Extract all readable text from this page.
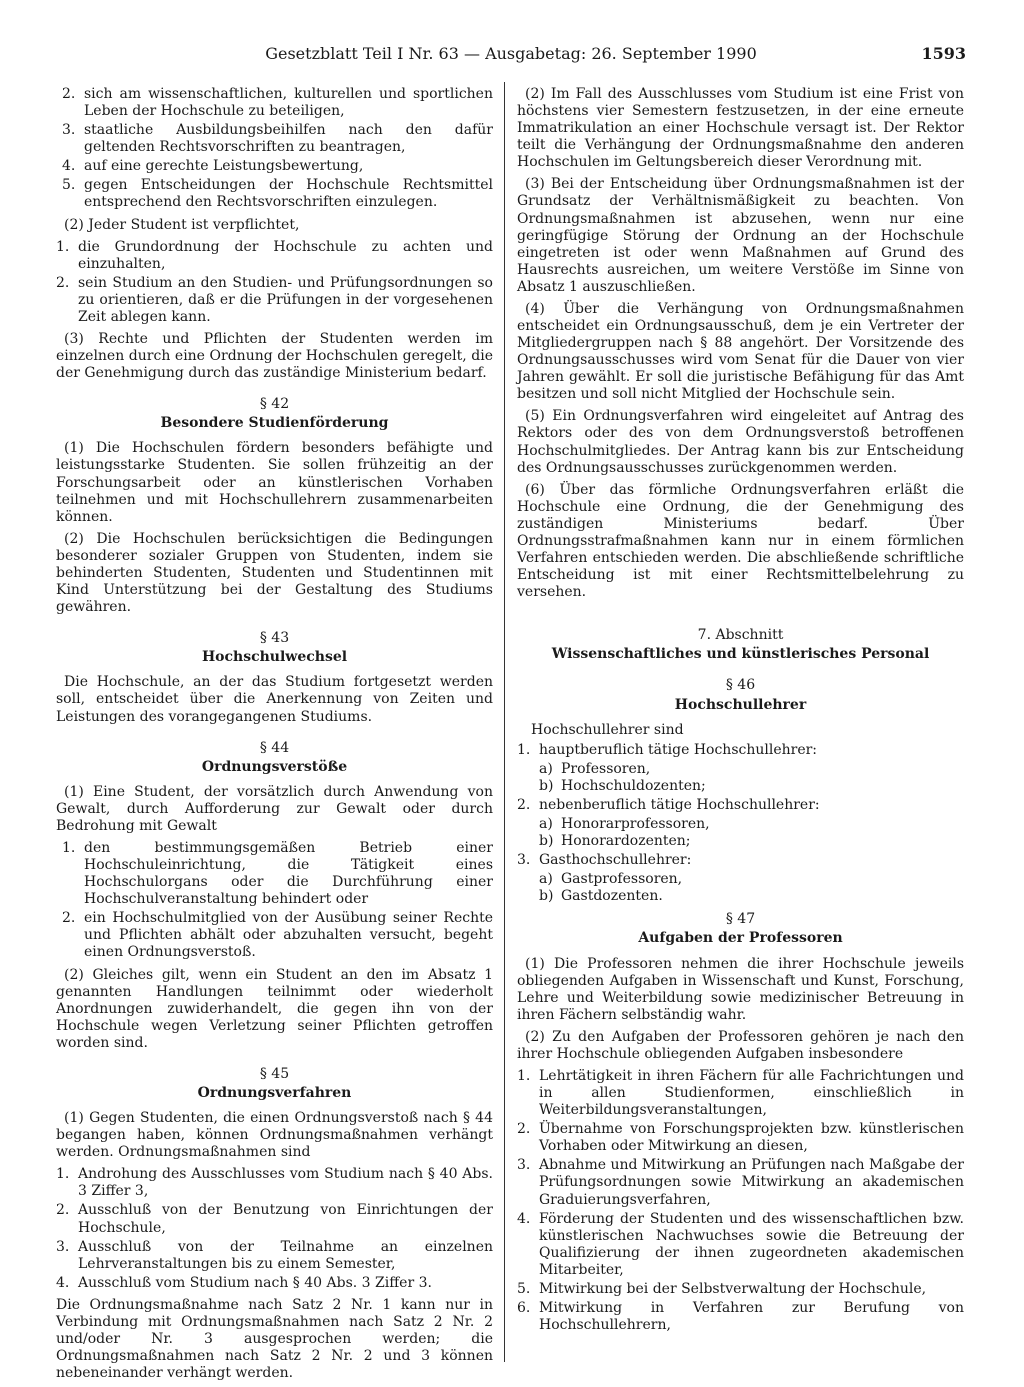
Gesetzblatt Teil I Nr. 63 — Ausgabetag: 26. September 1990	1593
2. sich am wissenschaftlichen, kulturellen und sportlichen Leben der Hochschule zu beteiligen,
3. staatliche Ausbildungsbeihilfen nach den dafür geltenden Rechtsvorschriften zu beantragen,
4. auf eine gerechte Leistungsbewertung,
5. gegen Entscheidungen der Hochschule Rechtsmittel entsprechend den Rechtsvorschriften einzulegen.

(2) Jeder Student ist verpflichtet,

1. die Grundordnung der Hochschule zu achten und einzuhalten,
2. sein Studium an den Studien- und Prüfungsordnungen so zu orientieren, daß er die Prüfungen in der vorgesehenen Zeit ablegen kann.

(3) Rechte und Pflichten der Studenten werden im einzelnen durch eine Ordnung der Hochschulen geregelt, die der Genehmigung durch das zuständige Ministerium bedarf.

§ 42
Besondere Studienförderung

(1) Die Hochschulen fördern besonders befähigte und leistungsstarke Studenten. Sie sollen frühzeitig an der Forschungsarbeit oder an künstlerischen Vorhaben teilnehmen und mit Hochschullehrern zusammenarbeiten können.

(2) Die Hochschulen berücksichtigen die Bedingungen besonderer sozialer Gruppen von Studenten, indem sie behinderten Studenten, Studenten und Studentinnen mit Kind Unterstützung bei der Gestaltung des Studiums gewähren.

§ 43
Hochschulwechsel

Die Hochschule, an der das Studium fortgesetzt werden soll, entscheidet über die Anerkennung von Zeiten und Leistungen des vorangegangenen Studiums.

§ 44
Ordnungsverstöße

(1) Eine Student, der vorsätzlich durch Anwendung von Gewalt, durch Aufforderung zur Gewalt oder durch Bedrohung mit Gewalt

1. den bestimmungsgemäßen Betrieb einer Hochschuleinrichtung, die Tätigkeit eines Hochschulorgans oder die Durchführung einer Hochschulveranstaltung behindert oder
2. ein Hochschulmitglied von der Ausübung seiner Rechte und Pflichten abhält oder abzuhalten versucht, begeht einen Ordnungsverstoß.

(2) Gleiches gilt, wenn ein Student an den im Absatz 1 genannten Handlungen teilnimmt oder wiederholt Anordnungen zuwiderhandelt, die gegen ihn von der Hochschule wegen Verletzung seiner Pflichten getroffen worden sind.

§ 45
Ordnungsverfahren

(1) Gegen Studenten, die einen Ordnungsverstoß nach § 44 begangen haben, können Ordnungsmaßnahmen verhängt werden. Ordnungsmaßnahmen sind

1. Androhung des Ausschlusses vom Studium nach § 40 Abs. 3 Ziffer 3,
2. Ausschluß von der Benutzung von Einrichtungen der Hochschule,
3. Ausschluß von der Teilnahme an einzelnen Lehrveranstaltungen bis zu einem Semester,
4. Ausschluß vom Studium nach § 40 Abs. 3 Ziffer 3.

Die Ordnungsmaßnahme nach Satz 2 Nr. 1 kann nur in Verbindung mit Ordnungsmaßnahmen nach Satz 2 Nr. 2 und/oder Nr. 3 ausgesprochen werden; die Ordnungsmaßnahmen nach Satz 2 Nr. 2 und 3 können nebeneinander verhängt werden.

(2) Im Fall des Ausschlusses vom Studium ist eine Frist von höchstens vier Semestern festzusetzen, in der eine erneute Immatrikulation an einer Hochschule versagt ist. Der Rektor teilt die Verhängung der Ordnungsmaßnahme den anderen Hochschulen im Geltungsbereich dieser Verordnung mit.

(3) Bei der Entscheidung über Ordnungsmaßnahmen ist der Grundsatz der Verhältnismäßigkeit zu beachten. Von Ordnungsmaßnahmen ist abzusehen, wenn nur eine geringfügige Störung der Ordnung an der Hochschule eingetreten ist oder wenn Maßnahmen auf Grund des Hausrechts ausreichen, um weitere Verstöße im Sinne von Absatz 1 auszuschließen.

(4) Über die Verhängung von Ordnungsmaßnahmen entscheidet ein Ordnungsausschuß, dem je ein Vertreter der Mitgliedergruppen nach § 88 angehört. Der Vorsitzende des Ordnungsausschusses wird vom Senat für die Dauer von vier Jahren gewählt. Er soll die juristische Befähigung für das Amt besitzen und soll nicht Mitglied der Hochschule sein.

(5) Ein Ordnungsverfahren wird eingeleitet auf Antrag des Rektors oder des von dem Ordnungsverstoß betroffenen Hochschulmitgliedes. Der Antrag kann bis zur Entscheidung des Ordnungsausschusses zurückgenommen werden.

(6) Über das förmliche Ordnungsverfahren erläßt die Hochschule eine Ordnung, die der Genehmigung des zuständigen Ministeriums bedarf. Über Ordnungsstrafmaßnahmen kann nur in einem förmlichen Verfahren entschieden werden. Die abschließende schriftliche Entscheidung ist mit einer Rechtsmittelbelehrung zu versehen.

7. Abschnitt
Wissenschaftliches und künstlerisches Personal
§ 46
Hochschullehrer
Hochschullehrer sind
1. hauptberuflich tätige Hochschullehrer:
a) Professoren,
b) Hochschuldozenten;
2. nebenberuflich tätige Hochschullehrer:
a) Honorarprofessoren,
b) Honorardozenten;
3. Gasthochschullehrer:
a) Gastprofessoren,
b) Gastdozenten.
§ 47
Aufgaben der Professoren

(1) Die Professoren nehmen die ihrer Hochschule jeweils obliegenden Aufgaben in Wissenschaft und Kunst, Forschung, Lehre und Weiterbildung sowie medizinischer Betreuung in ihren Fächern selbständig wahr.

(2) Zu den Aufgaben der Professoren gehören je nach den ihrer Hochschule obliegenden Aufgaben insbesondere

1. Lehrtätigkeit in ihren Fächern für alle Fachrichtungen und in allen Studienformen, einschließlich in Weiterbildungsveranstaltungen,
2. Übernahme von Forschungsprojekten bzw. künstlerischen Vorhaben oder Mitwirkung an diesen,
3. Abnahme und Mitwirkung an Prüfungen nach Maßgabe der Prüfungsordnungen sowie Mitwirkung an akademischen Graduierungsverfahren,
4. Förderung der Studenten und des wissenschaftlichen bzw. künstlerischen Nachwuchses sowie die Betreuung der Qualifizierung der ihnen zugeordneten akademischen Mitarbeiter,
5. Mitwirkung bei der Selbstverwaltung der Hochschule,
6. Mitwirkung in Verfahren zur Berufung von Hochschullehrern,
